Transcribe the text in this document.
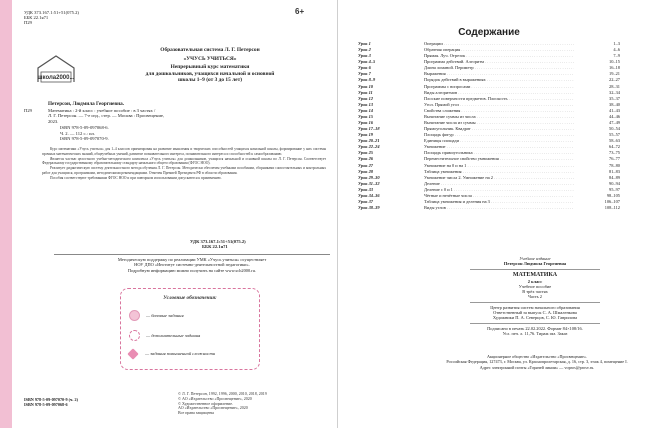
УДК 373.167.1:51+51(075.2)
ББК 22.1я71
П29
6+
школа2000...
Образовательная система Л. Г. Петерсон
«УЧУСЬ УЧИТЬСЯ»
Непрерывный курс математики
для дошкольников, учащихся начальной и основной
школы 1–9 (от 3 до 15 лет)
Петерсон, Людмила Георгиевна.
П29	Математика : 2-й класс : учебное пособие : в 3 частях /
Л. Г. Петерсон. — 7-е изд., стер. — Москва : Просвещение,
2023.
ISBN 978-5-09-097068-6.
Ч. 2. — 112 с.: ил.
ISBN 978-5-09-097070-9.

Курс математики «Учусь учиться» для 1–4 классов ориентирован на развитие мышления и творческих способностей учащихся начальной школы, формирование у них системы прочных математических знаний, общеучебных умений, развитие познавательного интереса, познавательного интереса и способностей к самообразованию.

Является частью целостного учебно-методического комплекса «Учусь учиться» для дошкольников, учащихся начальной и основной школы по Л. Г. Петерсон. Соответствует Федеральному государственному образовательному стандарту начального общего образования (ФГОС НОО).

Реализует дидактическую систему деятельностного метода обучения Л. Г. Петерсон. Методически обеспечен учебными пособиями, сборниками самостоятельных и контрольных работ для учащихся, программами, методическими рекомендациями. Отмечен Премией Президента РФ в области образования.

Пособия соответствуют требованиям ФГОС НОО и при повторном использовании допускаются к применению.

УДК 373.167.1:51+51(075.2)
ББК 22.1я71
Методическую поддержку по реализации УМК «Учусь учиться» осуществляет
НОУ ДПО «Институт системно-деятельностной педагогики».
Подробную информацию можно получить на сайте www.sch2000.ru.
Условные обозначения:
— базовые задания
— дополнительные задания
— задания повышенной сложности
ISBN 978-5-09-097070-9 (ч. 2)
ISBN 978-5-09-097068-6
© Л. Г. Петерсон, 1992, 1996, 2000, 2010, 2018, 2019
© АО «Издательство «Просвещение», 2020
© Художественное оформление.
АО «Издательство «Просвещение», 2020
Все права защищены
Содержание
Урок 1	Операции . . .	1–3
Урок 2	Обратная операция . . .	4–6
Урок 3	Прямая. Луч. Отрезок . . .	7–9
Урок 4–5	Программа действий. Алгоритм . . .	10–15
Урок 6	Длина ломаной. Периметр . . .	16–18
Урок 7	Выражения . . .	19–21
Урок 8–9	Порядок действий в выражениях . . .	22–27
Урок 10	Программы с вопросами . . .	28–31
Урок 11	Виды алгоритмов . . .	32–34
Урок 12	Плоские поверхности предметов. Плоскость . . .	35–37
Урок 13	Угол. Прямой угол . . .	38–40
Урок 14	Свойства сложения . . .	41–43
Урок 15	Вычитание суммы из числа . . .	44–46
Урок 16	Вычитание числа из суммы . . .	47–49
Урок 17–18	Прямоугольник. Квадрат . . .	50–54
Урок 19	Площадь фигур . . .	55–57
Урок 20–21	Единицы площади . . .	58–63
Урок 22–24	Умножение . . .	64–72
Урок 25	Площадь прямоугольника . . .	73–75
Урок 26	Переместительное свойство умножения . . .	76–77
Урок 27	Умножение на 0 и на 1 . . .	78–80
Урок 28	Таблица умножения . . .	81–83
Урок 29–30	Умножение числа 2. Умножение на 2 . . .	84–89
Урок 31–32	Деление . . .	90–94
Урок 33	Деление с 0 и 1 . . .	95–97
Урок 34–36	Чётные и нечётные числа . . .	98–105
Урок 37	Таблица умножения и деления на 3 . . .	106–107
Урок 38–39	Виды углов . . .	108–112
Учебное издание
Петерсон Людмила Георгиевна
МАТЕМАТИКА
2 класс
Учебное пособие
В трёх частях
Часть 2
Центр развития систем начального образования
Ответственный за выпуск С. А. Шмаленкова
Художники П. А. Северцов, С. Ю. Гаврилова
Подписано в печать 22.02.2022. Формат 84×108/16.
Усл. печ. л. 11,76. Тираж экз. Заказ
Акционерное общество «Издательство «Просвещение».
Российская Федерация, 127473, г. Москва, ул. Краснопролетарская, д. 16, стр. 3, этаж 4, помещение I.
Адрес электронной почты «Горячей линии» — vopros@prosv.ru.
